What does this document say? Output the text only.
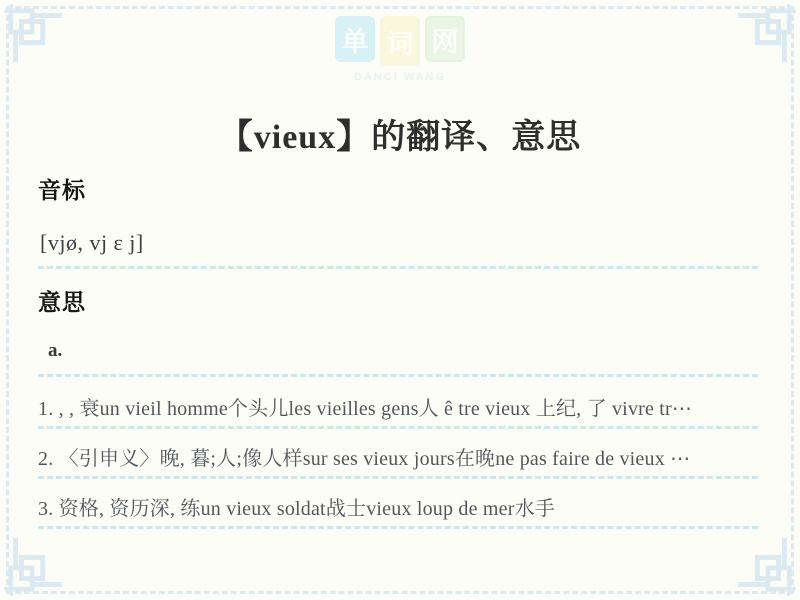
单 词 网
DANCI WANG
【vieux】的翻译、意思
音标
[vjø, vj ɛ j]
意思
a.
1. , , 衰un vieil homme个头儿les vieilles gens人 ê tre vieux 上纪, 了 vivre tr⋯
2. 〈引申义〉晚, 暮;人;像人样sur ses vieux jours在晚ne pas faire de vieux ⋯
3. 资格, 资历深, 练un vieux soldat战士vieux loup de mer水手
